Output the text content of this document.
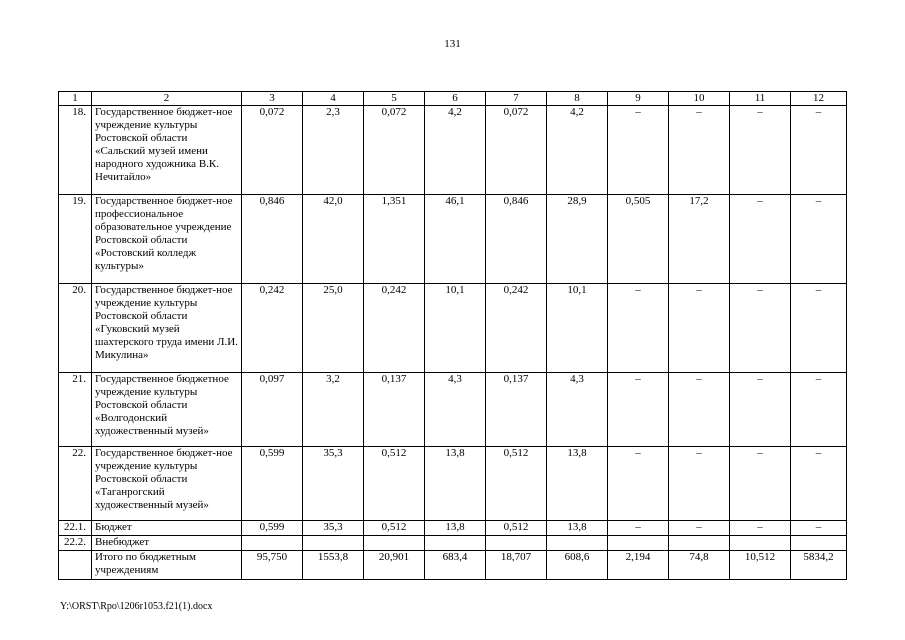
131
1	2	3	4	5	6	7	8	9	10	11	12
18.	Государственное бюджет-ное учреждение культуры Ростовской области «Сальский музей имени народного художника В.К. Нечитайло»	0,072	2,3	0,072	4,2	0,072	4,2	–	–	–	–
19.	Государственное бюджет-ное профессиональное образовательное учреждение Ростовской области «Ростовский колледж культуры»	0,846	42,0	1,351	46,1	0,846	28,9	0,505	17,2	–	–
20.	Государственное бюджет-ное учреждение культуры Ростовской области «Гуковский музей шахтерского труда имени Л.И. Микулина»	0,242	25,0	0,242	10,1	0,242	10,1	–	–	–	–
21.	Государственное бюджетное учреждение культуры Ростовской области «Волгодонский художественный музей»	0,097	3,2	0,137	4,3	0,137	4,3	–	–	–	–
22.	Государственное бюджет-ное учреждение культуры Ростовской области «Таганрогский художественный музей»	0,599	35,3	0,512	13,8	0,512	13,8	–	–	–	–
22.1.	Бюджет	0,599	35,3	0,512	13,8	0,512	13,8	–	–	–	–
22.2.	Внебюджет										
	Итого по бюджетным учреждениям	95,750	1553,8	20,901	683,4	18,707	608,6	2,194	74,8	10,512	5834,2
Y:\ORST\Rpo\1206r1053.f21(1).docx
